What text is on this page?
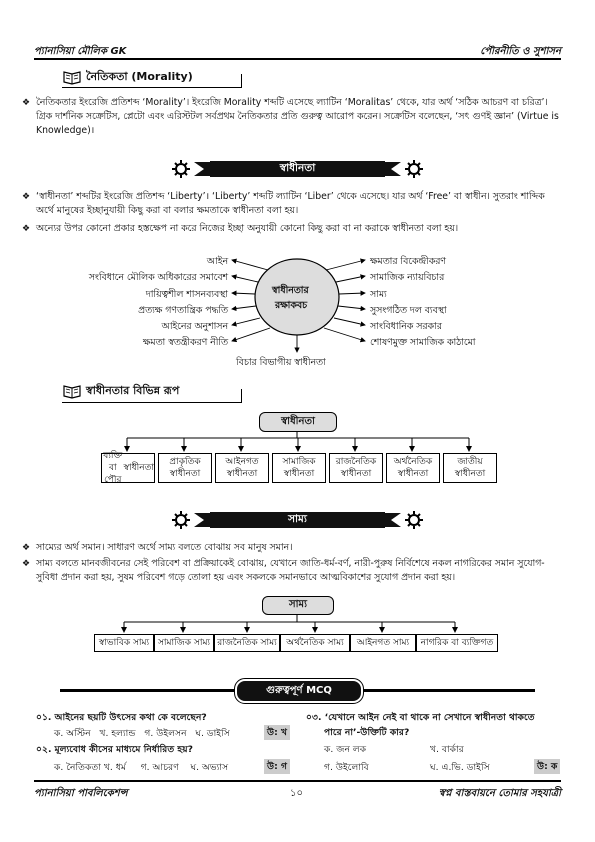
প্যানাসিয়া মৌলিক GK	পৌরনীতি ও সুশাসন
নৈতিকতা (Morality)
❖ নৈতিকতার ইংরেজি প্রতিশব্দ ‘Morality’। ইংরেজি Morality শব্দটি এসেছে ল্যাটিন ‘Moralitas’ থেকে, যার অর্থ ‘সঠিক আচরণ বা চরিত্র’। গ্রিক দার্শনিক সক্রেটিস, প্লেটো এবং এরিস্টটল সর্বপ্রথম নৈতিকতার প্রতি গুরুত্ব আরোপ করেন। সক্রেটিস বলেছেন, ‘সৎ গুণই জ্ঞান’ (Virtue is Knowledge)।
স্বাধীনতা
❖ ‘স্বাধীনতা’ শব্দটির ইংরেজি প্রতিশব্দ ‘Liberty’। ‘Liberty’ শব্দটি ল্যাটিন ‘Liber’ থেকে এসেছে। যার অর্থ ‘Free’ বা স্বাধীন। সুতরাং শাব্দিক অর্থে মানুষের ইচ্ছানুযায়ী কিছু করা বা বলার ক্ষমতাকে স্বাধীনতা বলা হয়।
❖ অন্যের উপর কোনো প্রকার হস্তক্ষেপ না করে নিজের ইচ্ছা অনুযায়ী কোনো কিছু করা বা না করাকে স্বাধীনতা বলা হয়।
স্বাধীনতার
রক্ষাকবচ
আইন
সংবিধানে মৌলিক অধিকারের সমাবেশ
দায়িত্বশীল শাসনব্যবস্থা
প্রত্যক্ষ গণতান্ত্রিক পদ্ধতি
আইনের অনুশাসন
ক্ষমতা স্বতন্ত্রীকরণ নীতি
ক্ষমতার বিকেন্দ্রীকরণ
সামাজিক ন্যায়বিচার
সাম্য
সুসংগঠিত দল ব্যবস্থা
সাংবিধানিক সরকার
শোষণমুক্ত সামাজিক কাঠামো
বিচার বিভাগীয় স্বাধীনতা
স্বাধীনতার বিভিন্ন রূপ
স্বাধীনতা
ব্যক্তি বা পৌর

স্বাধীনতা
প্রাকৃতিক
স্বাধীনতা
আইনগত
স্বাধীনতা
সামাজিক
স্বাধীনতা
রাজনৈতিক
স্বাধীনতা
অর্থনৈতিক
স্বাধীনতা
জাতীয়
স্বাধীনতা
সাম্য
❖ সাম্যের অর্থ সমান। সাধারণ অর্থে সাম্য বলতে বোঝায় সব মানুষ সমান।
❖ সাম্য বলতে মানবজীবনের সেই পরিবেশ বা প্রক্রিয়াকেই বোঝায়, যেখানে জাতি-ধর্ম-বর্ণ, নারী-পুরুষ নির্বিশেষে নকল নাগরিকের সমান সুযোগ-সুবিধা প্রদান করা হয়, সুষম পরিবেশ গড়ে তোলা হয় এবং সকলকে সমানভাবে আত্মবিকাশের সুযোগ প্রদান করা হয়।
সাম্য
স্বাভাবিক সাম্য সামাজিক সাম্য রাজনৈতিক সাম্য	অর্থনৈতিক সাম্য	আইনগত সাম্য	নাগরিক বা ব্যক্তিগত
গুরুত্বপূর্ণ MCQ
০১. আইনের ছয়টি উৎসের কথা কে বলেছেন?
ক. অস্টিন   খ. হল্যান্ড   গ. উইলসন   ঘ. ডাইসি	উ: খ
০২. মূল্যবোধ কীসের মাধ্যমে নির্ধারিত হয়?
ক. নৈতিকতা খ. ধর্ম     গ. আচরণ    ঘ. অভ্যাস	উ: গ
০৩. ‘যেখানে আইন নেই বা থাকে না সেখানে স্বাধীনতা থাকতে
পারে না’-উক্তিটি কার?
ক. জন লক	খ. বার্কার
গ. উইলোবি	ঘ. এ.ভি. ডাইসি	উ: ক
প্যানাসিয়া পাবলিকেশন্স	১০	স্বপ্ন বাস্তবায়নে তোমার সহযাত্রী
